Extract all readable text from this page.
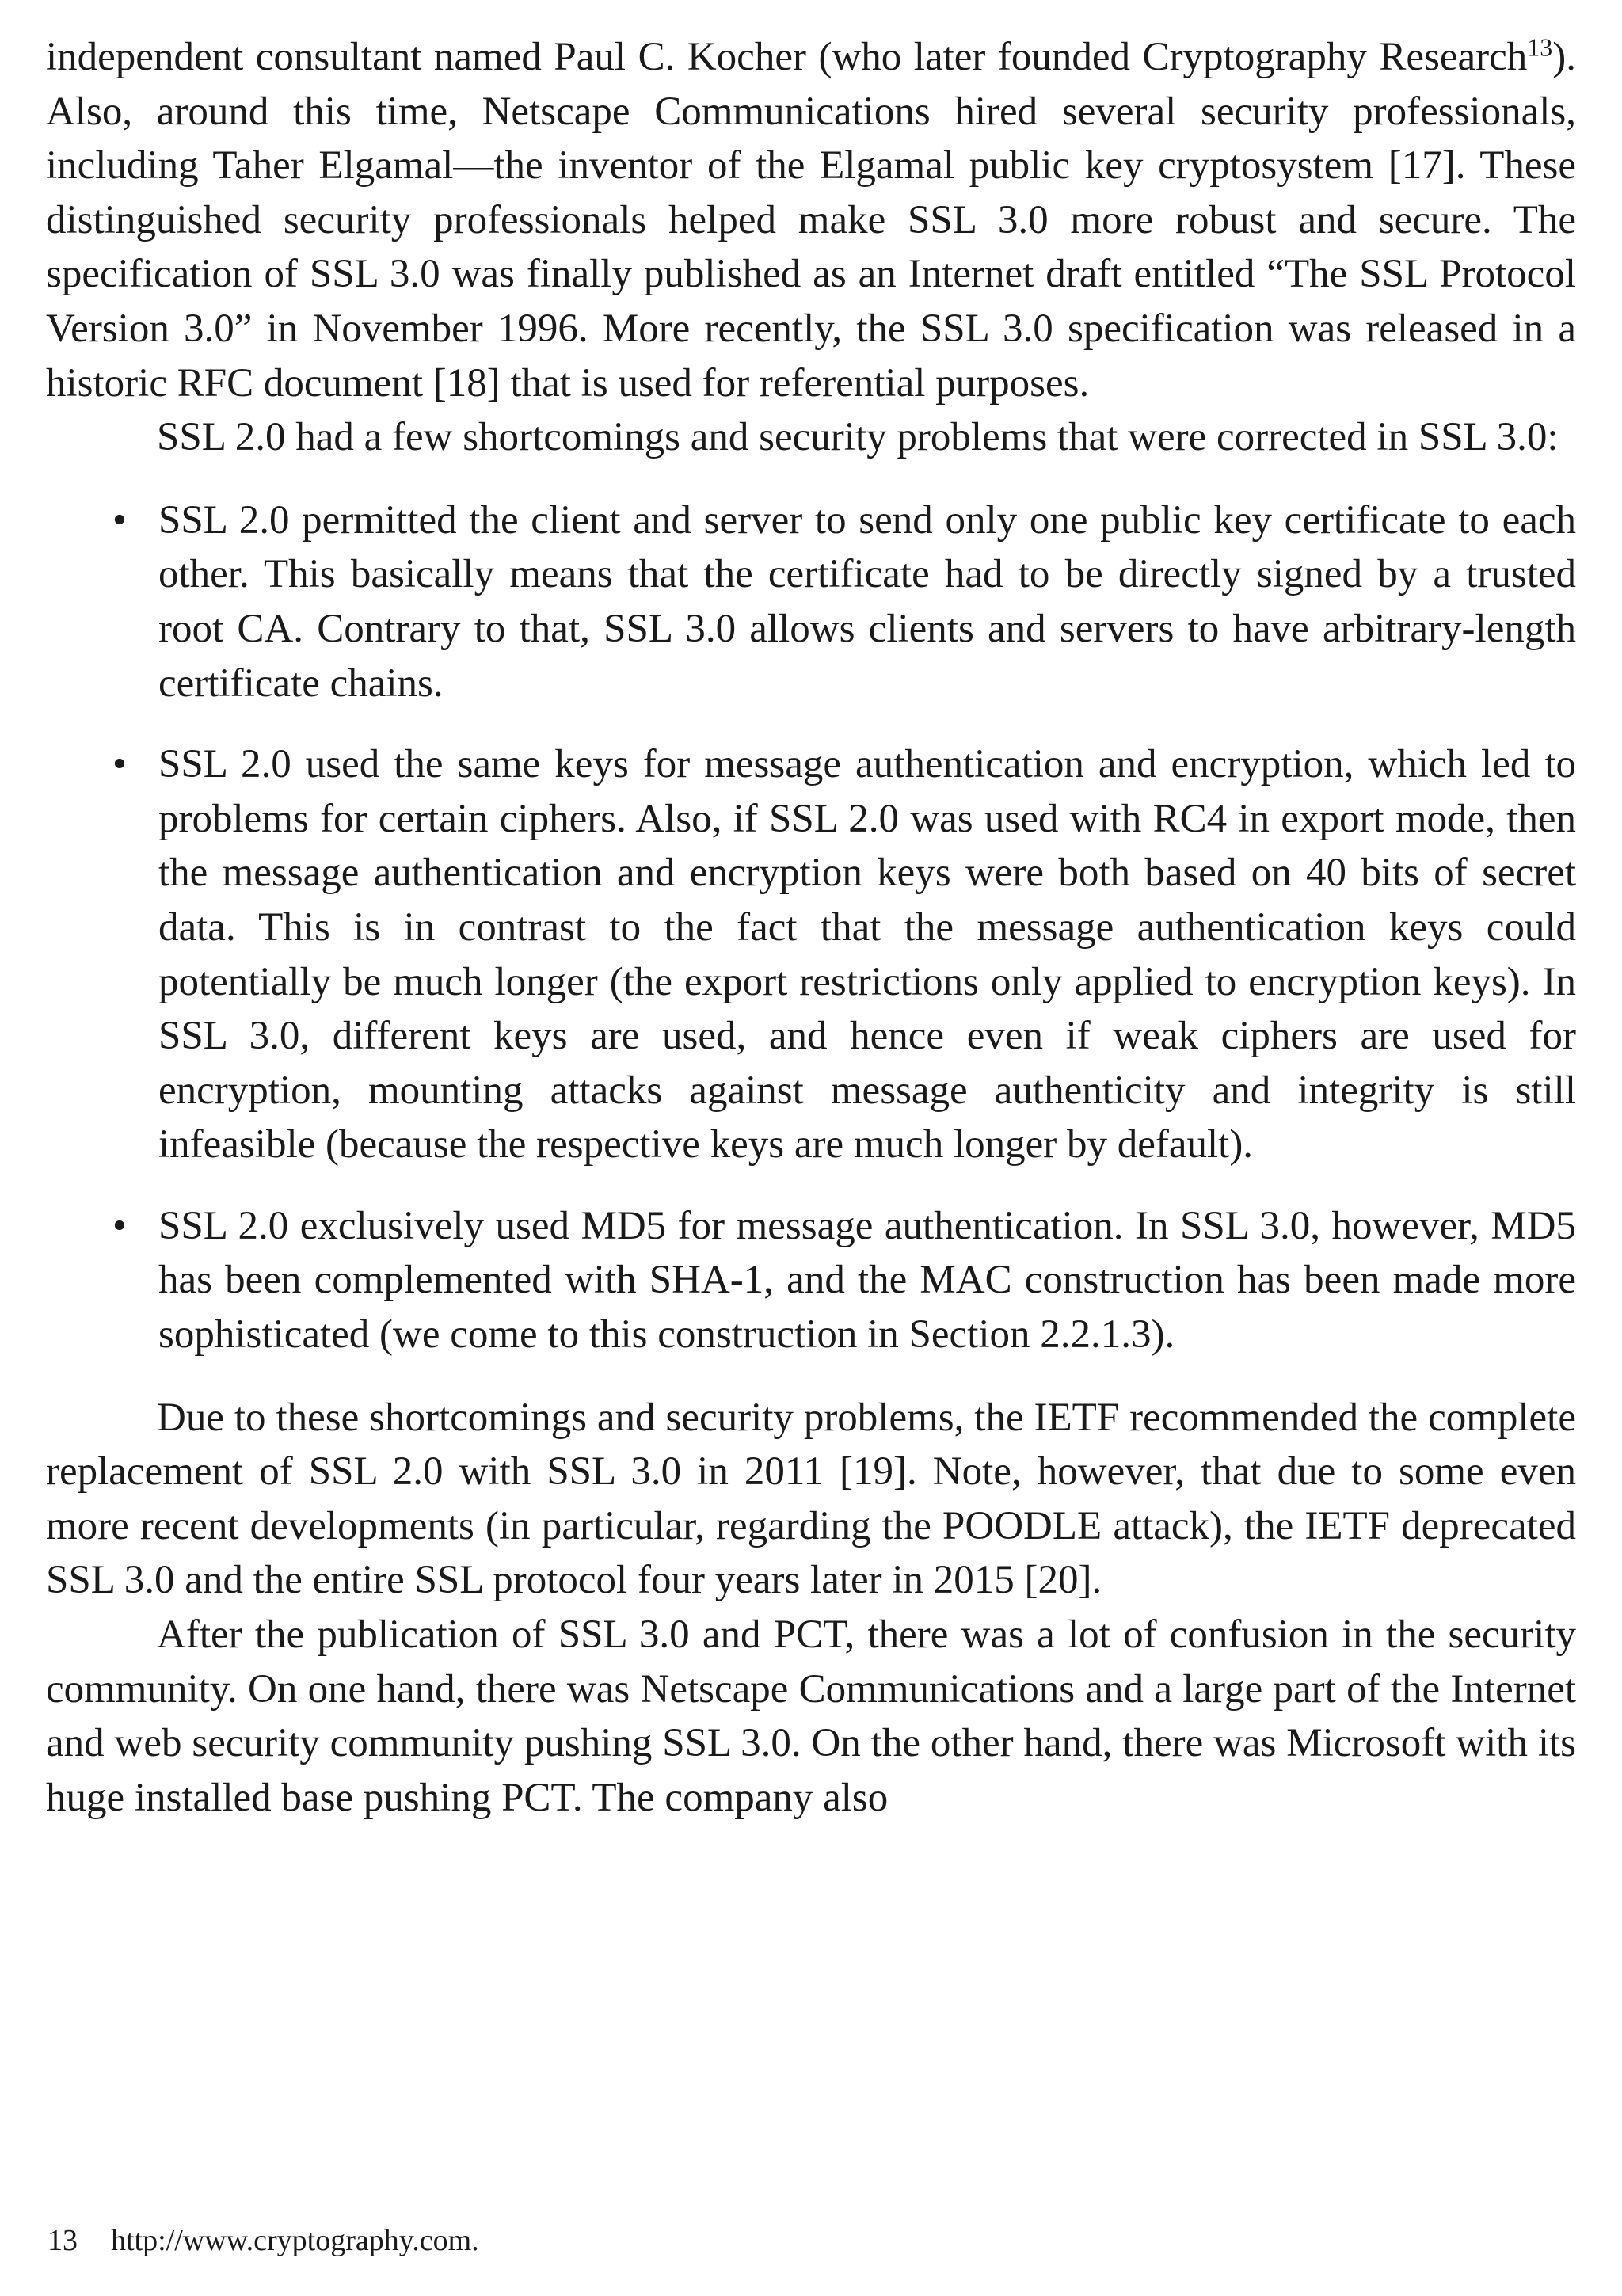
independent consultant named Paul C. Kocher (who later founded Cryptography Research$^{13}$). Also, around this time, Netscape Communications hired several security professionals, including Taher Elgamal—the inventor of the Elgamal public key cryptosystem [17]. These distinguished security professionals helped make SSL 3.0 more robust and secure. The specification of SSL 3.0 was finally published as an Internet draft entitled “The SSL Protocol Version 3.0” in November 1996. More recently, the SSL 3.0 specification was released in a historic RFC document [18] that is used for referential purposes.

SSL 2.0 had a few shortcomings and security problems that were corrected in SSL 3.0:

• SSL 2.0 permitted the client and server to send only one public key certificate to each other. This basically means that the certificate had to be directly signed by a trusted root CA. Contrary to that, SSL 3.0 allows clients and servers to have arbitrary-length certificate chains.
• SSL 2.0 used the same keys for message authentication and encryption, which led to problems for certain ciphers. Also, if SSL 2.0 was used with RC4 in export mode, then the message authentication and encryption keys were both based on 40 bits of secret data. This is in contrast to the fact that the message authentication keys could potentially be much longer (the export restrictions only applied to encryption keys). In SSL 3.0, different keys are used, and hence even if weak ciphers are used for encryption, mounting attacks against message authenticity and integrity is still infeasible (because the respective keys are much longer by default).
• SSL 2.0 exclusively used MD5 for message authentication. In SSL 3.0, however, MD5 has been complemented with SHA-1, and the MAC construction has been made more sophisticated (we come to this construction in Section 2.2.1.3).

Due to these shortcomings and security problems, the IETF recommended the complete replacement of SSL 2.0 with SSL 3.0 in 2011 [19]. Note, however, that due to some even more recent developments (in particular, regarding the POODLE attack), the IETF deprecated SSL 3.0 and the entire SSL protocol four years later in 2015 [20].

After the publication of SSL 3.0 and PCT, there was a lot of confusion in the security community. On one hand, there was Netscape Communications and a large part of the Internet and web security community pushing SSL 3.0. On the other hand, there was Microsoft with its huge installed base pushing PCT. The company also

13 http://www.cryptography.com.
